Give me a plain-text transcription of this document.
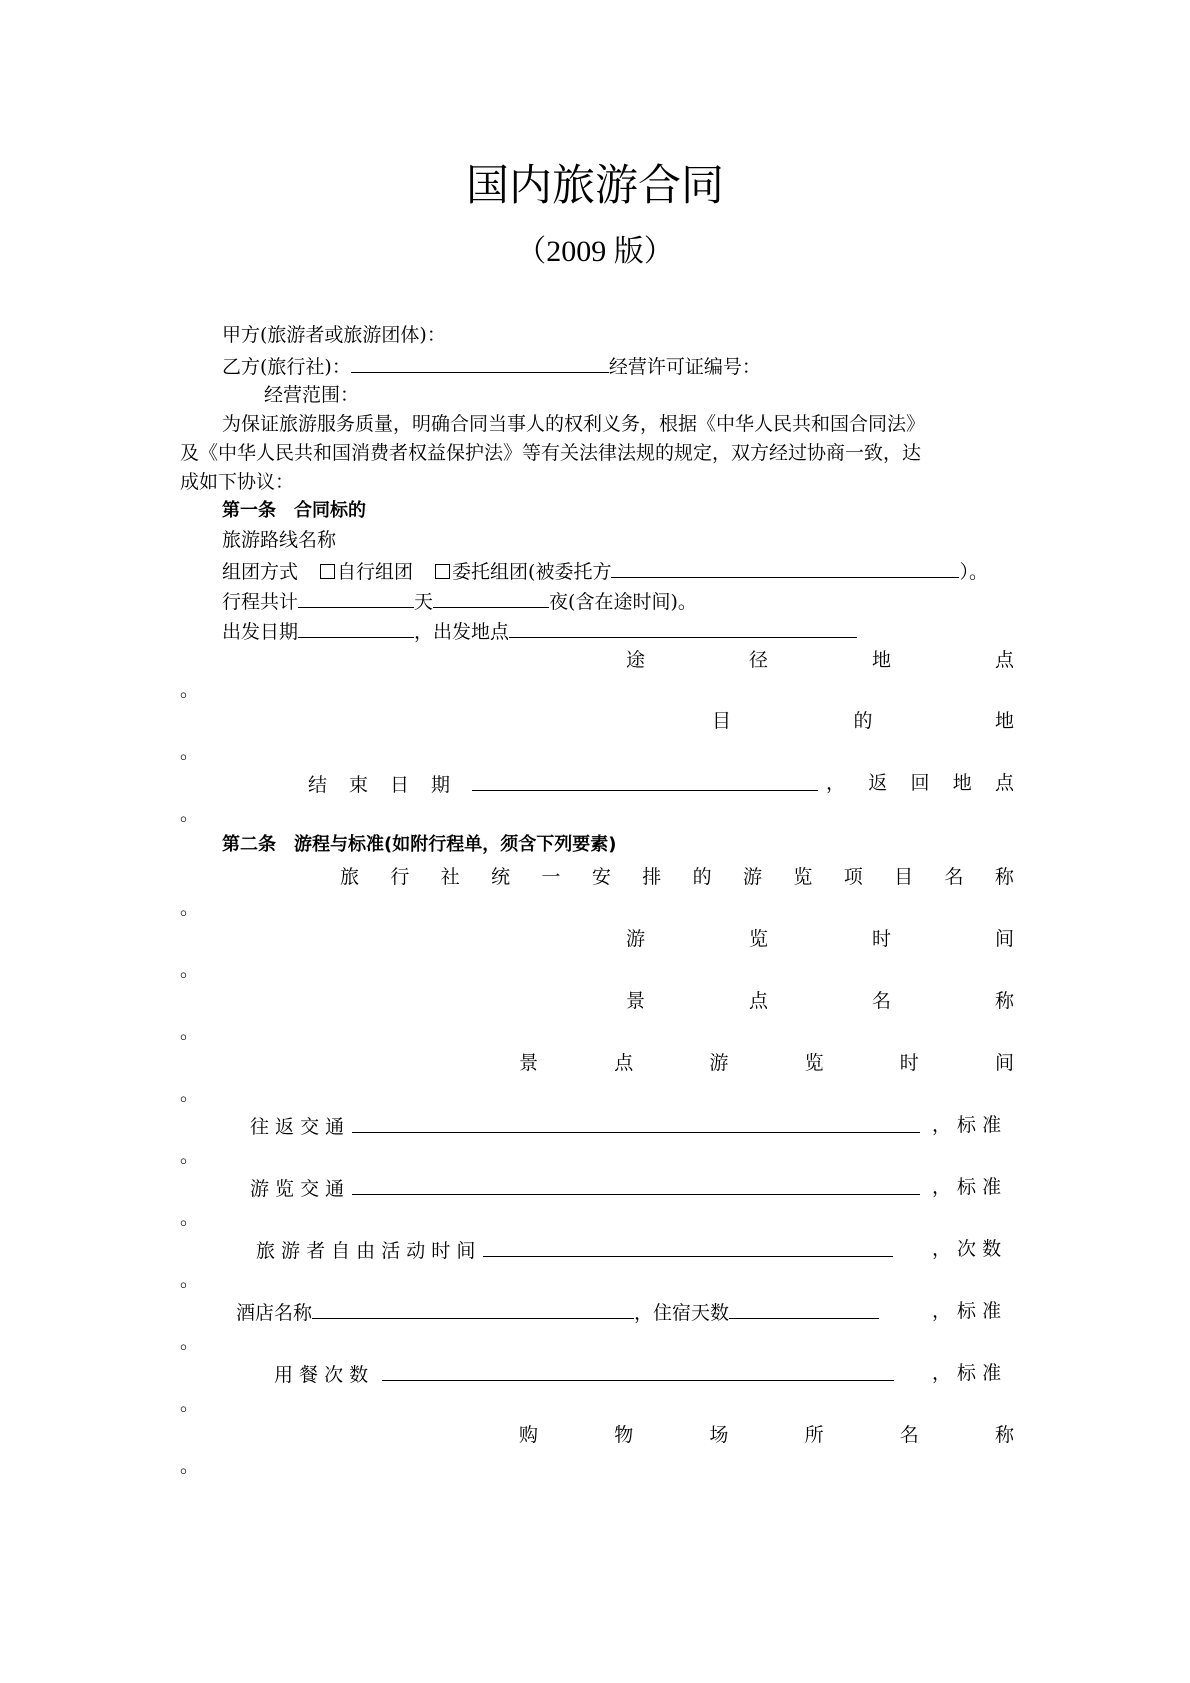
国内旅游合同
（2009 版）
甲方(旅游者或旅游团体)：
乙方(旅行社)：	经营许可证编号：
经营范围：
为保证旅游服务质量，明确合同当事人的权利义务，根据《中华人民共和国合同法》
及《中华人民共和国消费者权益保护法》等有关法律法规的规定，双方经过协商一致，达
成如下协议：
第一条　合同标的
旅游路线名称
组团方式 自行组团 委托组团(被委托方	）。
行程共计	天	夜(含在途时间)。
出发日期	，出发地点
途	径	地	点
。
目	的	地
。
结 束 日 期	， 返 回 地 点
。
第二条　游程与标准(如附行程单，须含下列要素)
旅 行 社 统 一 安 排 的 游 览 项 目 名 称
。
游	览	时	间
。
景	点	名	称
。
景	点	游	览	时	间
。
往 返 交 通	， 标 准
。
游 览 交 通	， 标 准
。
旅 游 者 自 由 活 动 时 间	， 次 数
。
酒店名称	，住宿天数	， 标 准
。
用 餐 次 数	， 标 准
。
购	物	场	所	名	称
。
